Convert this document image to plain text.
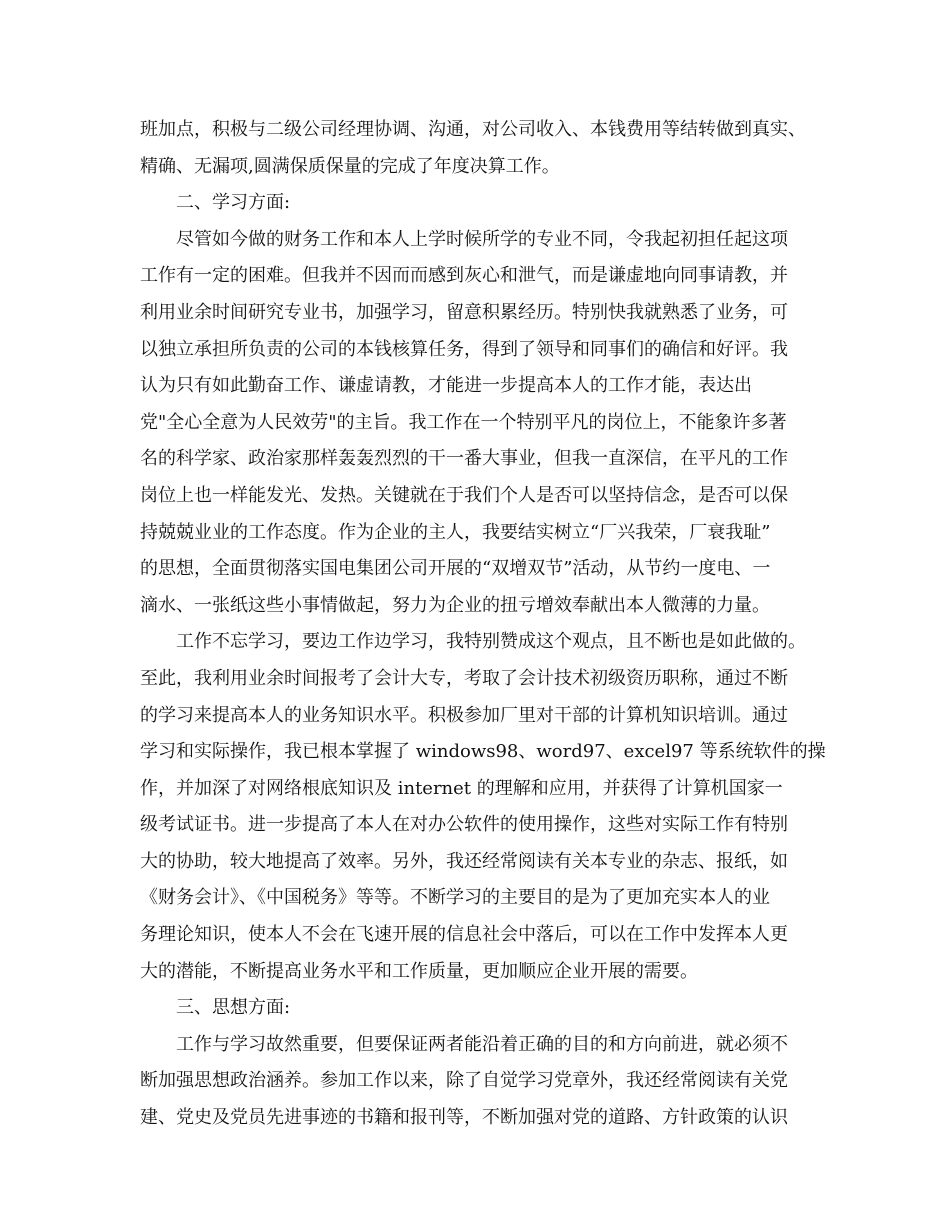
班加点，积极与二级公司经理协调、沟通，对公司收入、本钱费用等结转做到真实、
精确、无漏项,圆满保质保量的完成了年度决算工作。
二、学习方面:
尽管如今做的财务工作和本人上学时候所学的专业不同，令我起初担任起这项
工作有一定的困难。但我并不因而而感到灰心和泄气，而是谦虚地向同事请教，并
利用业余时间研究专业书，加强学习，留意积累经历。特别快我就熟悉了业务，可
以独立承担所负责的公司的本钱核算任务，得到了领导和同事们的确信和好评。我
认为只有如此勤奋工作、谦虚请教，才能进一步提高本人的工作才能，表达出
党"全心全意为人民效劳"的主旨。我工作在一个特别平凡的岗位上，不能象许多著
名的科学家、政治家那样轰轰烈烈的干一番大事业，但我一直深信，在平凡的工作
岗位上也一样能发光、发热。关键就在于我们个人是否可以坚持信念，是否可以保
持兢兢业业的工作态度。作为企业的主人，我要结实树立“厂兴我荣，厂衰我耻”
的思想，全面贯彻落实国电集团公司开展的“双增双节”活动，从节约一度电、一
滴水、一张纸这些小事情做起，努力为企业的扭亏增效奉献出本人微薄的力量。
工作不忘学习，要边工作边学习，我特别赞成这个观点，且不断也是如此做的。
至此，我利用业余时间报考了会计大专，考取了会计技术初级资历职称，通过不断
的学习来提高本人的业务知识水平。积极参加厂里对干部的计算机知识培训。通过
学习和实际操作，我已根本掌握了 windows98、word97、excel97 等系统软件的操
作，并加深了对网络根底知识及 internet 的理解和应用，并获得了计算机国家一
级考试证书。进一步提高了本人在对办公软件的使用操作，这些对实际工作有特别
大的协助，较大地提高了效率。另外，我还经常阅读有关本专业的杂志、报纸，如
《财务会计》、《中国税务》等等。不断学习的主要目的是为了更加充实本人的业
务理论知识，使本人不会在飞速开展的信息社会中落后，可以在工作中发挥本人更
大的潜能，不断提高业务水平和工作质量，更加顺应企业开展的需要。
三、思想方面:
工作与学习故然重要，但要保证两者能沿着正确的目的和方向前进，就必须不
断加强思想政治涵养。参加工作以来，除了自觉学习党章外，我还经常阅读有关党
建、党史及党员先进事迹的书籍和报刊等，不断加强对党的道路、方针政策的认识
